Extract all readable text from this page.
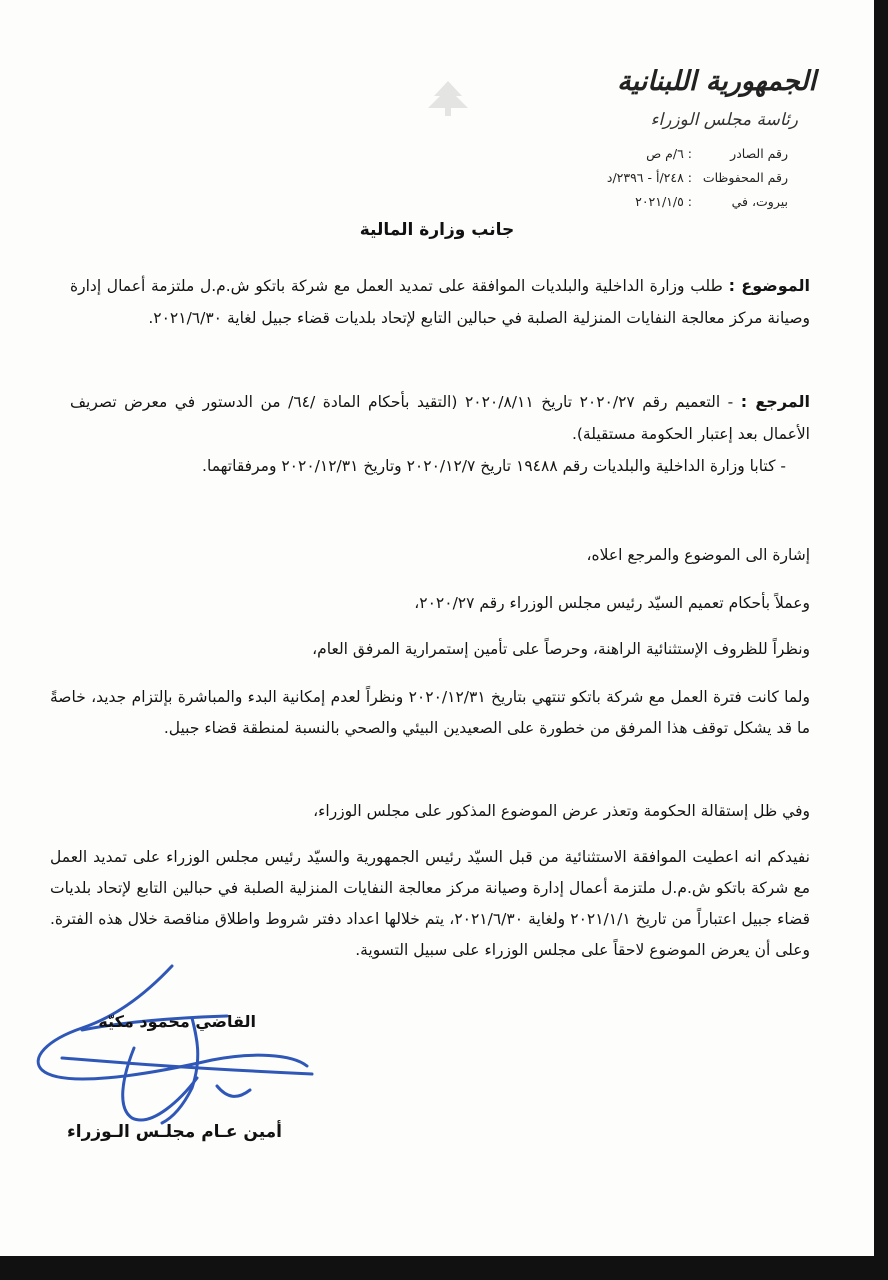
الجمهورية اللبنانية
رئاسة مجلس الوزراء
رقم الصادر : ٦/م ص
رقم المحفوظات : ٢٤٨/أ - ٢٣٩٦/د
بيروت، في : ٢٠٢١/١/٥
جانب وزارة المالية
الموضوع : طلب وزارة الداخلية والبلديات الموافقة على تمديد العمل مع شركة باتكو ش.م.ل ملتزمة أعمال إدارة وصيانة مركز معالجة النفايات المنزلية الصلبة في حبالين التابع لإتحاد بلديات قضاء جبيل لغاية ٢٠٢١/٦/٣٠.
المرجع : - التعميم رقم ٢٠٢٠/٢٧ تاريخ ٢٠٢٠/٨/١١ (التقيد بأحكام المادة /٦٤/ من الدستور في معرض تصريف الأعمال بعد إعتبار الحكومة مستقيلة).
- كتابا وزارة الداخلية والبلديات رقم ١٩٤٨٨ تاريخ ٢٠٢٠/١٢/٧ وتاريخ ٢٠٢٠/١٢/٣١ ومرفقاتهما.
إشارة الى الموضوع والمرجع اعلاه،
وعملاً بأحكام تعميم السيّد رئيس مجلس الوزراء رقم ٢٠٢٠/٢٧،
ونظراً للظروف الإستثنائية الراهنة، وحرصاً على تأمين إستمرارية المرفق العام،
ولما كانت فترة العمل مع شركة باتكو تنتهي بتاريخ ٢٠٢٠/١٢/٣١ ونظراً لعدم إمكانية البدء والمباشرة بإلتزام جديد، خاصةً ما قد يشكل توقف هذا المرفق من خطورة على الصعيدين البيئي والصحي بالنسبة لمنطقة قضاء جبيل.
وفي ظل إستقالة الحكومة وتعذر عرض الموضوع المذكور على مجلس الوزراء،
نفيدكم انه اعطيت الموافقة الاستثنائية من قبل السيّد رئيس الجمهورية والسيّد رئيس مجلس الوزراء على تمديد العمل مع شركة باتكو ش.م.ل ملتزمة أعمال إدارة وصيانة مركز معالجة النفايات المنزلية الصلبة في حبالين التابع لإتحاد بلديات قضاء جبيل اعتباراً من تاريخ ٢٠٢١/١/١ ولغاية ٢٠٢١/٦/٣٠، يتم خلالها اعداد دفتر شروط واطلاق مناقصة خلال هذه الفترة. وعلى أن يعرض الموضوع لاحقاً على مجلس الوزراء على سبيل التسوية.
القاضي محمود مكيّه
أمين عـام مجلـس الـوزراء
